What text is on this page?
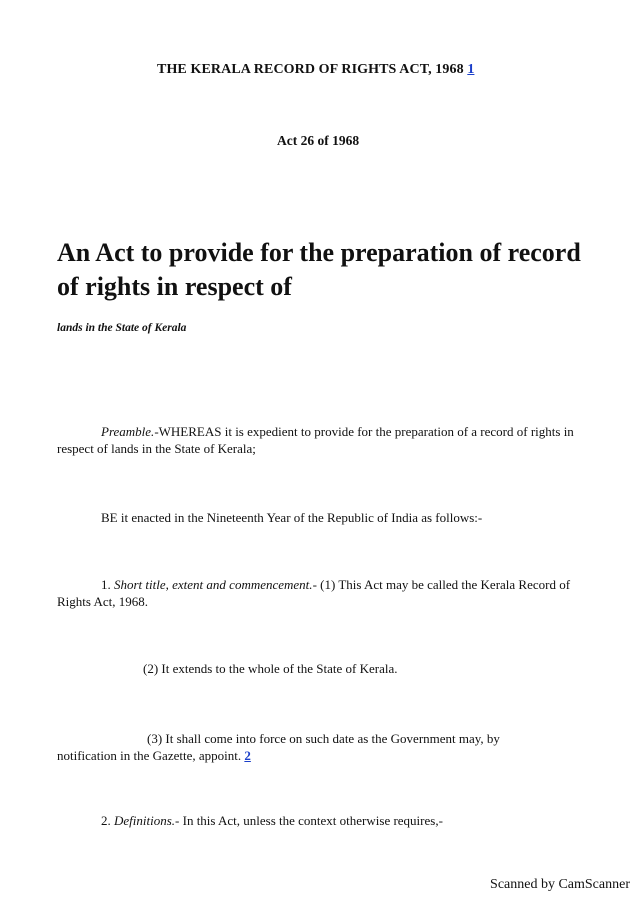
THE KERALA RECORD OF RIGHTS ACT, 1968 1
Act 26 of 1968
An Act to provide for the preparation of record of rights in respect of
lands in the State of Kerala
Preamble.-WHEREAS it is expedient to provide for the preparation of a record of rights in respect of lands in the State of Kerala;
BE it enacted in the Nineteenth Year of the Republic of India as follows:-
1. Short title, extent and commencement.- (1) This Act may be called the Kerala Record of Rights Act, 1968.
(2) It extends to the whole of the State of Kerala.
(3) It shall come into force on such date as the Government may, by notification in the Gazette, appoint. 2
2. Definitions.- In this Act, unless the context otherwise requires,-
Scanned by CamScanner
